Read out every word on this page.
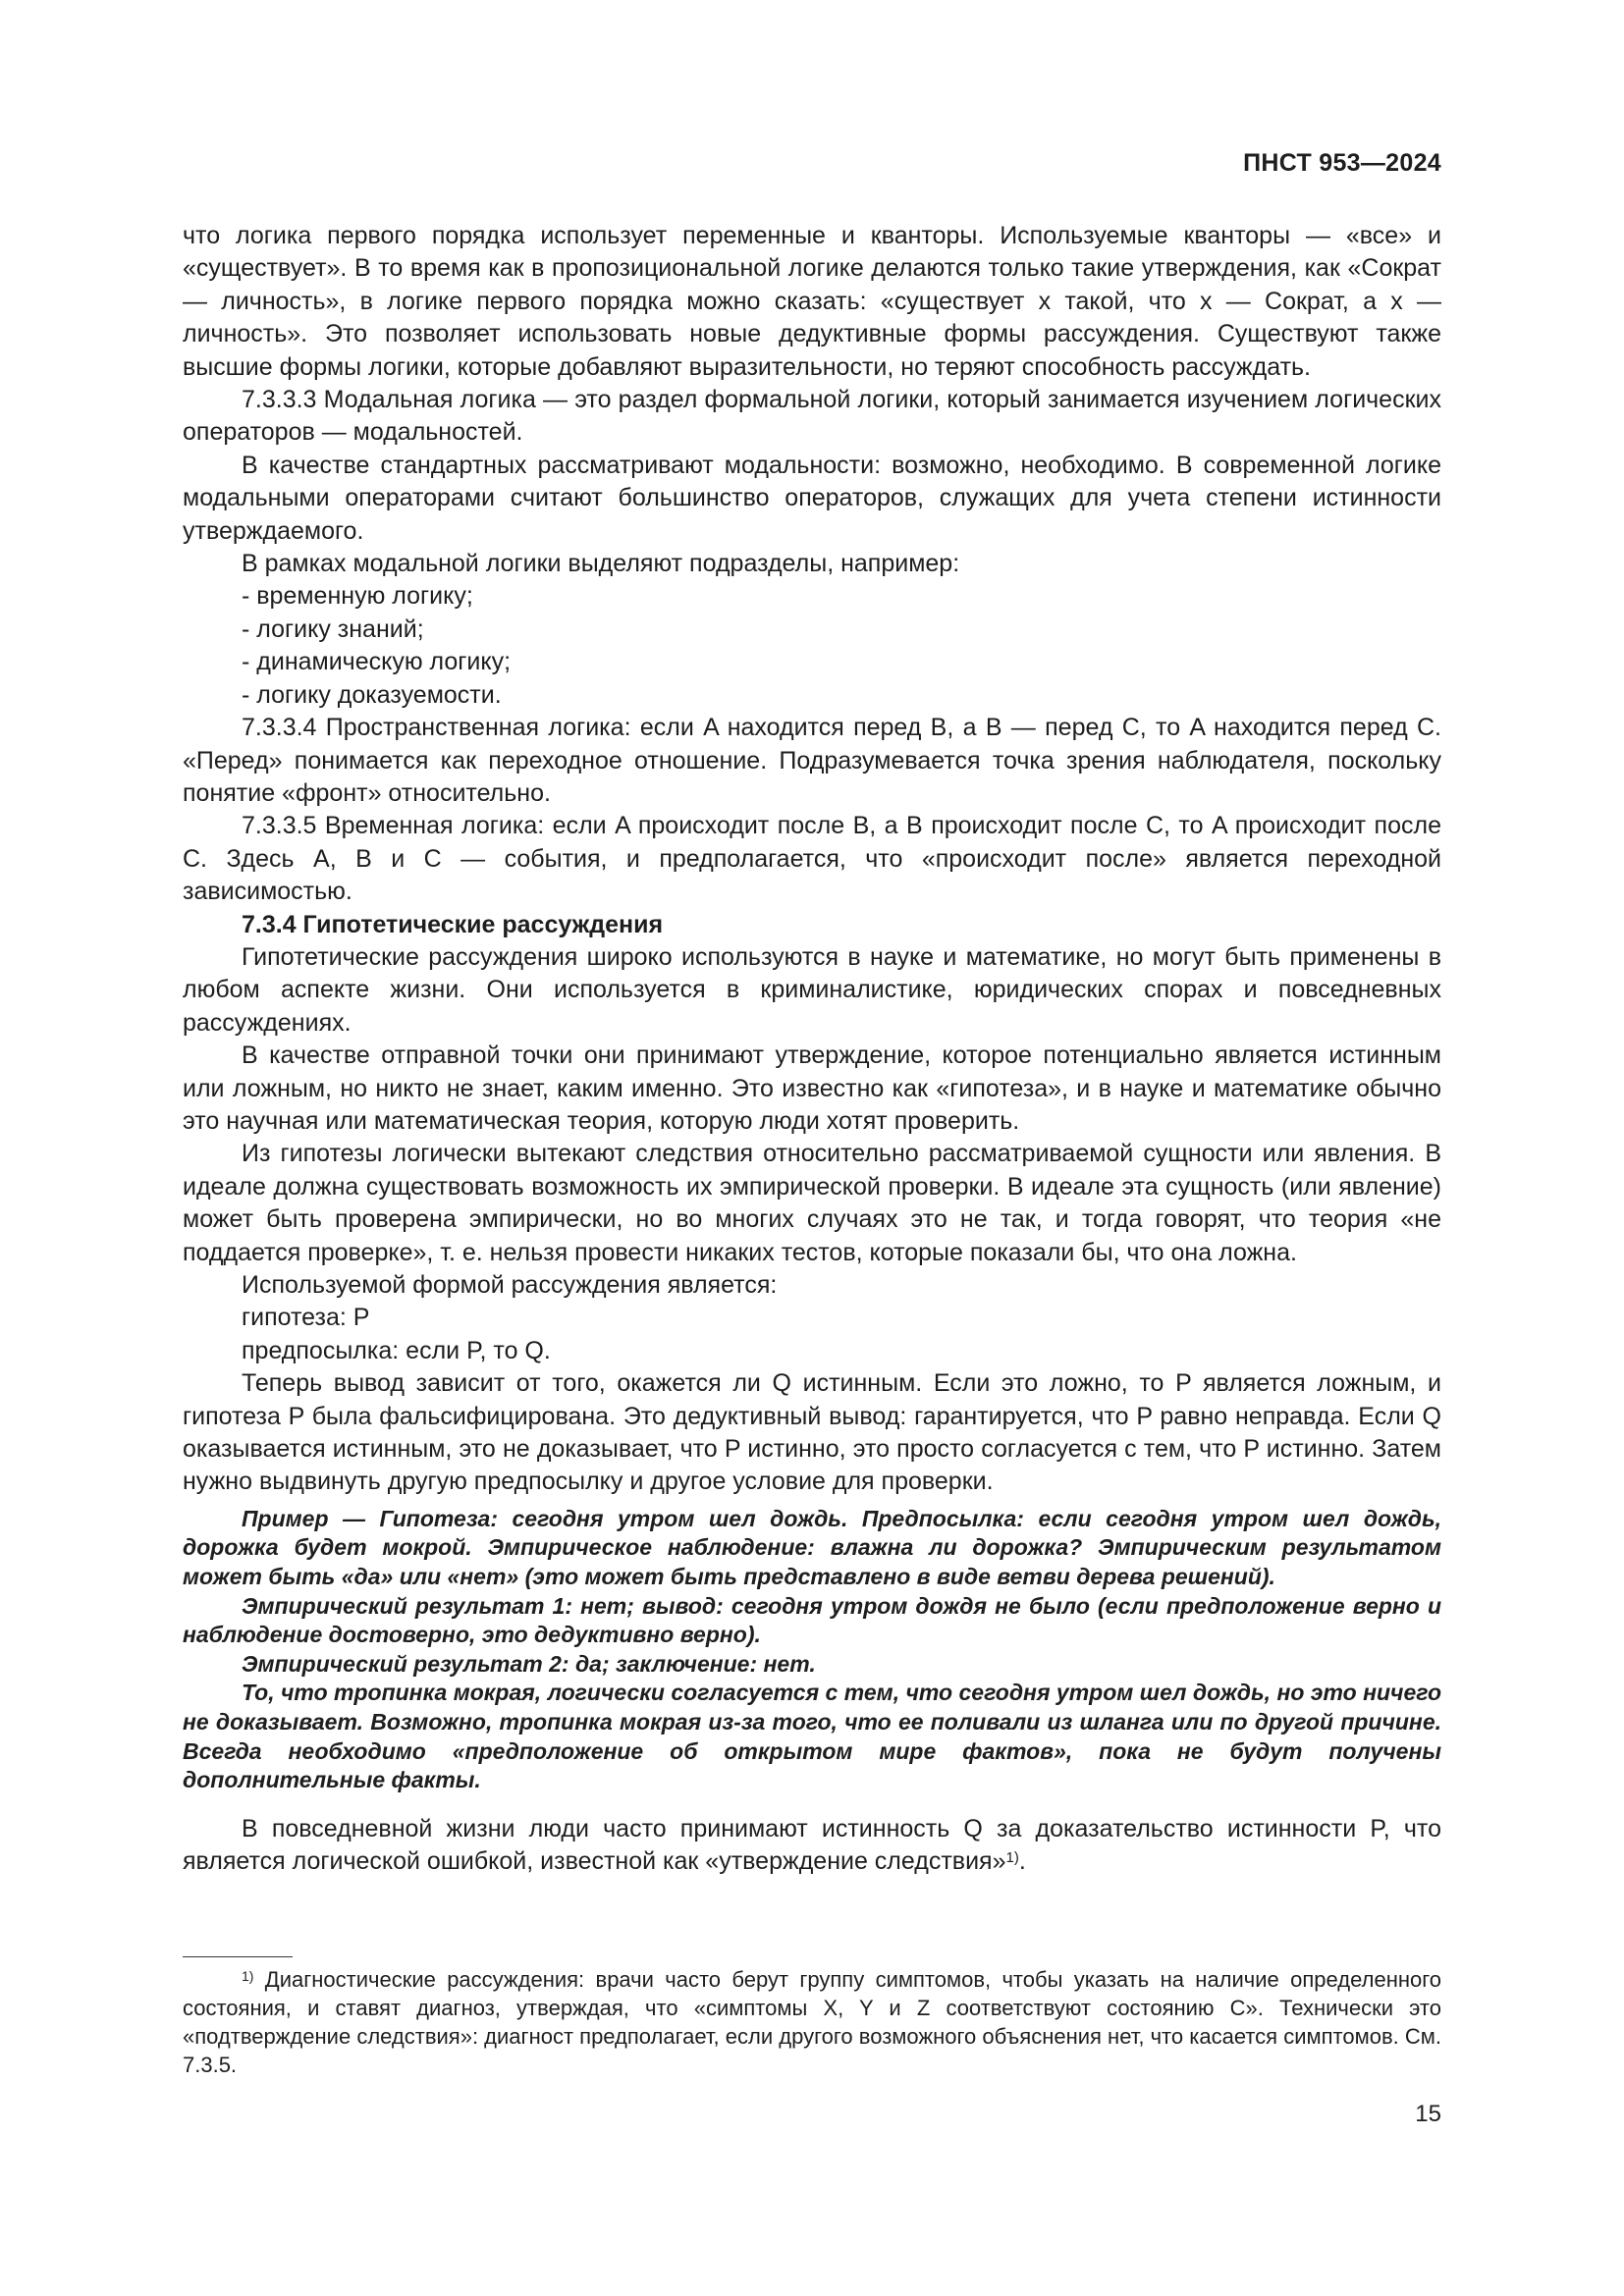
ПНСТ 953—2024

что логика первого порядка использует переменные и кванторы. Используемые кванторы — «все» и «существует». В то время как в пропозициональной логике делаются только такие утверждения, как «Сократ — личность», в логике первого порядка можно сказать: «существует x такой, что x — Сократ, а x — личность». Это позволяет использовать новые дедуктивные формы рассуждения. Существуют также высшие формы логики, которые добавляют выразительности, но теряют способность рассуждать.

7.3.3.3 Модальная логика — это раздел формальной логики, который занимается изучением логических операторов — модальностей.

В качестве стандартных рассматривают модальности: возможно, необходимо. В современной логике модальными операторами считают большинство операторов, служащих для учета степени истинности утверждаемого.

В рамках модальной логики выделяют подразделы, например:

- временную логику;

- логику знаний;

- динамическую логику;

- логику доказуемости.

7.3.3.4 Пространственная логика: если A находится перед B, а B — перед C, то A находится перед C. «Перед» понимается как переходное отношение. Подразумевается точка зрения наблюдателя, поскольку понятие «фронт» относительно.

7.3.3.5 Временная логика: если A происходит после B, а B происходит после C, то A происходит после C. Здесь A, B и C — события, и предполагается, что «происходит после» является переходной зависимостью.

7.3.4 Гипотетические рассуждения

Гипотетические рассуждения широко используются в науке и математике, но могут быть применены в любом аспекте жизни. Они используется в криминалистике, юридических спорах и повседневных рассуждениях.

В качестве отправной точки они принимают утверждение, которое потенциально является истинным или ложным, но никто не знает, каким именно. Это известно как «гипотеза», и в науке и математике обычно это научная или математическая теория, которую люди хотят проверить.

Из гипотезы логически вытекают следствия относительно рассматриваемой сущности или явления. В идеале должна существовать возможность их эмпирической проверки. В идеале эта сущность (или явление) может быть проверена эмпирически, но во многих случаях это не так, и тогда говорят, что теория «не поддается проверке», т. е. нельзя провести никаких тестов, которые показали бы, что она ложна.

Используемой формой рассуждения является:

гипотеза: P

предпосылка: если P, то Q.

Теперь вывод зависит от того, окажется ли Q истинным. Если это ложно, то P является ложным, и гипотеза P была фальсифицирована. Это дедуктивный вывод: гарантируется, что P равно неправда. Если Q оказывается истинным, это не доказывает, что P истинно, это просто согласуется с тем, что P истинно. Затем нужно выдвинуть другую предпосылку и другое условие для проверки.

Пример — Гипотеза: сегодня утром шел дождь. Предпосылка: если сегодня утром шел дождь, дорожка будет мокрой. Эмпирическое наблюдение: влажна ли дорожка? Эмпирическим результатом может быть «да» или «нет» (это может быть представлено в виде ветви дерева решений).

Эмпирический результат 1: нет; вывод: сегодня утром дождя не было (если предположение верно и наблюдение достоверно, это дедуктивно верно).

Эмпирический результат 2: да; заключение: нет.

То, что тропинка мокрая, логически согласуется с тем, что сегодня утром шел дождь, но это ничего не доказывает. Возможно, тропинка мокрая из-за того, что ее поливали из шланга или по другой причине. Всегда необходимо «предположение об открытом мире фактов», пока не будут получены дополнительные факты.

В повседневной жизни люди часто принимают истинность Q за доказательство истинности P, что является логической ошибкой, известной как «утверждение следствия»$^{1)}$.

$^{1)}$ Диагностические рассуждения: врачи часто берут группу симптомов, чтобы указать на наличие определенного состояния, и ставят диагноз, утверждая, что «симптомы X, Y и Z соответствуют состоянию C». Технически это «подтверждение следствия»: диагност предполагает, если другого возможного объяснения нет, что касается симптомов. См. 7.3.5.

15
